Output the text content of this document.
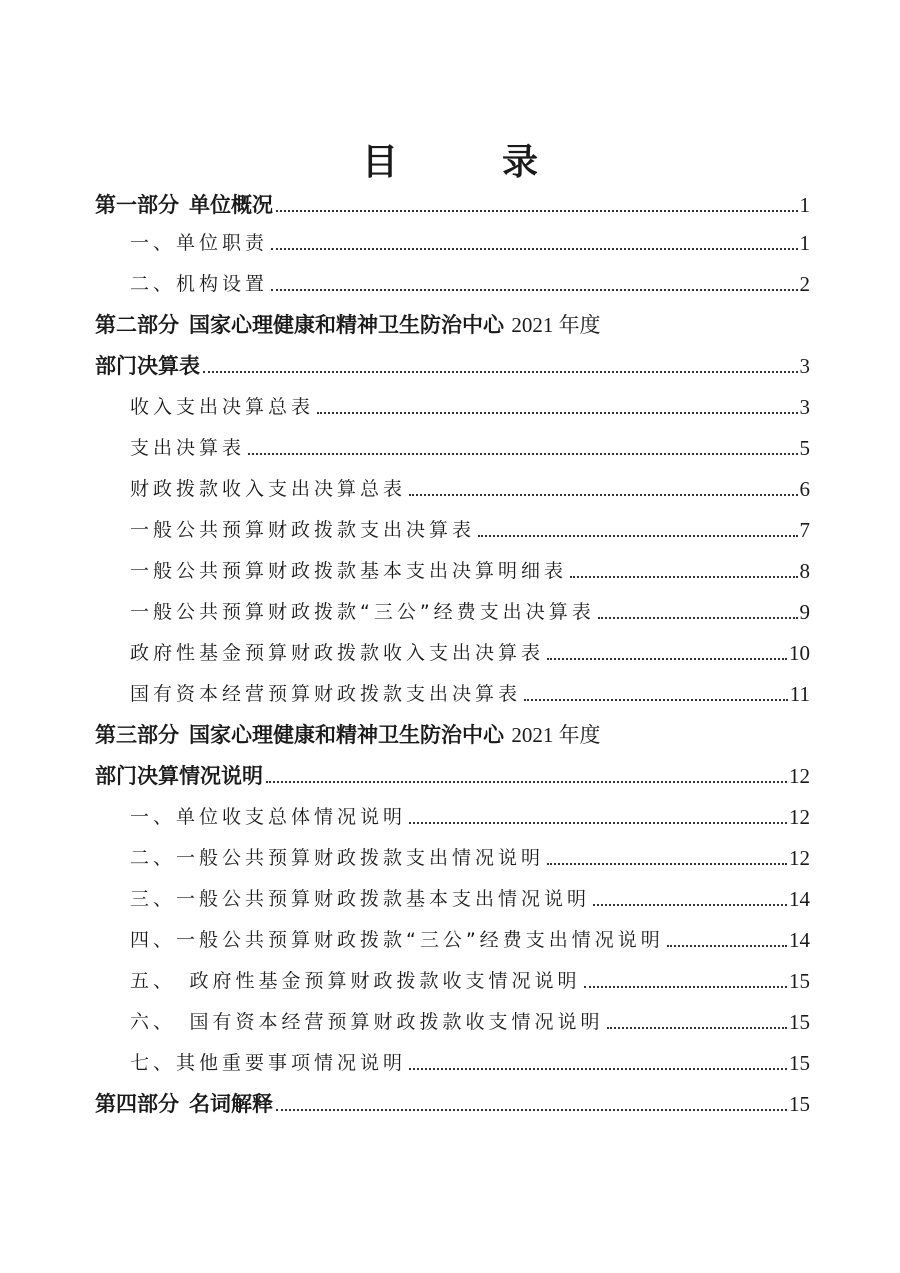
目　录
第一部分 单位概况	1
一、单位职责	1
二、机构设置	2
第二部分 国家心理健康和精神卫生防治中心 2021 年度
部门决算表	3
收入支出决算总表	3
支出决算表	5
财政拨款收入支出决算总表	6
一般公共预算财政拨款支出决算表	7
一般公共预算财政拨款基本支出决算明细表	8
一般公共预算财政拨款“三公”经费支出决算表	9
政府性基金预算财政拨款收入支出决算表	10
国有资本经营预算财政拨款支出决算表	11
第三部分 国家心理健康和精神卫生防治中心 2021 年度
部门决算情况说明	12
一、单位收支总体情况说明	12
二、一般公共预算财政拨款支出情况说明	12
三、一般公共预算财政拨款基本支出情况说明	14
四、一般公共预算财政拨款“三公”经费支出情况说明	14
五、　政府性基金预算财政拨款收支情况说明	15
六、　国有资本经营预算财政拨款收支情况说明	15
七、其他重要事项情况说明	15
第四部分 名词解释	15
